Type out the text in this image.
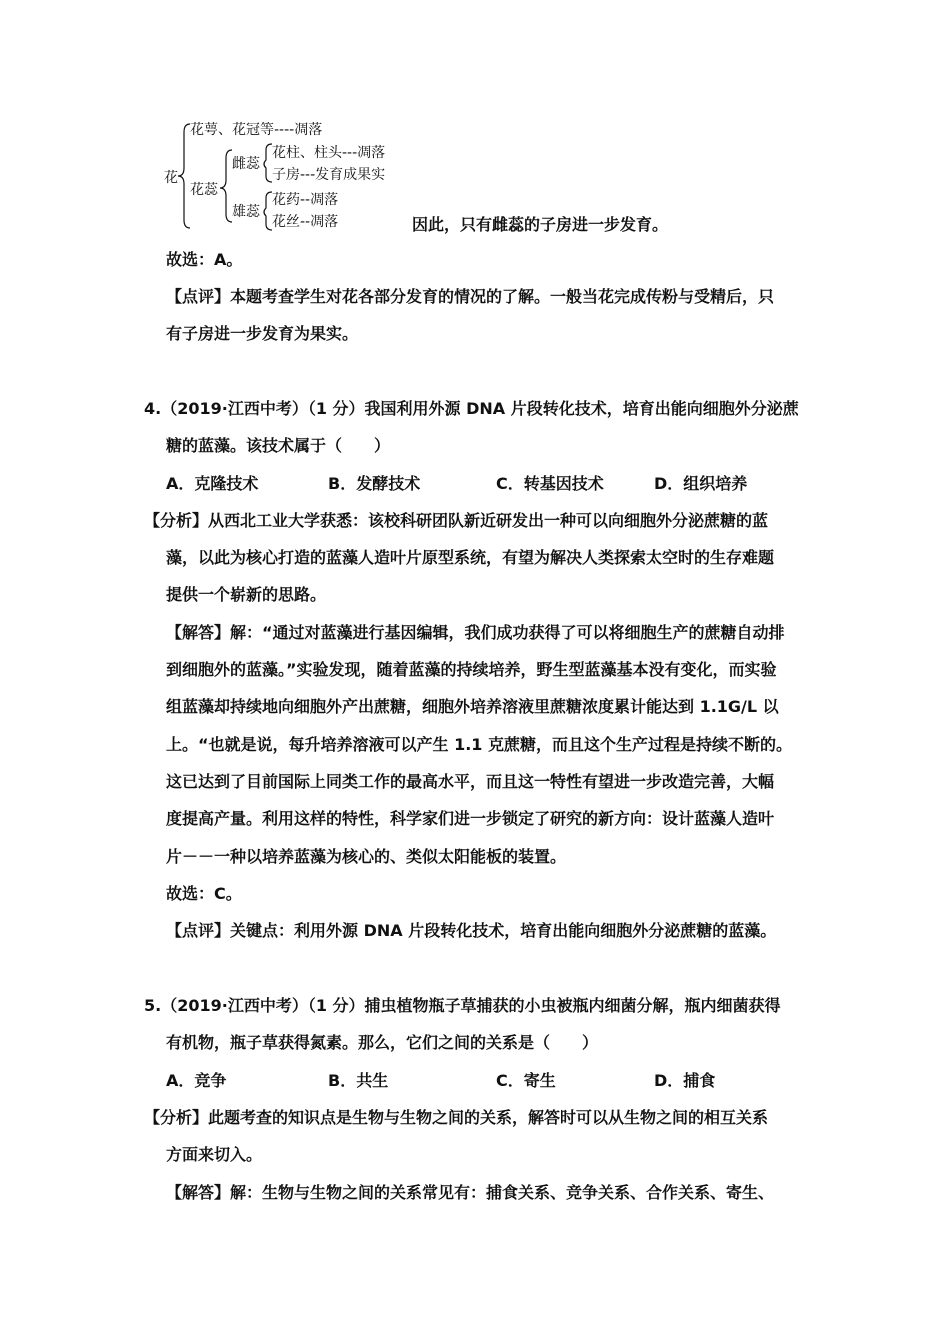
花
花萼、花冠等----凋落
花蕊
雌蕊
花柱、柱头---凋落
子房---发育成果实
雄蕊
花药--凋落
花丝--凋落	因此，只有雌蕊的子房进一步发育。
故选：A。
【点评】本题考查学生对花各部分发育的情况的了解。一般当花完成传粉与受精后，只
有子房进一步发育为果实。
4.（2019·江西中考）（1 分）我国利用外源 DNA 片段转化技术，培育出能向细胞外分泌蔗
糖的蓝藻。该技术属于（　　）
A．克隆技术	B．发酵技术	C．转基因技术	D．组织培养
【分析】从西北工业大学获悉：该校科研团队新近研发出一种可以向细胞外分泌蔗糖的蓝
藻，以此为核心打造的蓝藻人造叶片原型系统，有望为解决人类探索太空时的生存难题
提供一个崭新的思路。
【解答】解：“通过对蓝藻进行基因编辑，我们成功获得了可以将细胞生产的蔗糖自动排
到细胞外的蓝藻。”实验发现，随着蓝藻的持续培养，野生型蓝藻基本没有变化，而实验
组蓝藻却持续地向细胞外产出蔗糖，细胞外培养溶液里蔗糖浓度累计能达到 1.1G/L 以
上。“也就是说，每升培养溶液可以产生 1.1 克蔗糖，而且这个生产过程是持续不断的。
这已达到了目前国际上同类工作的最高水平，而且这一特性有望进一步改造完善，大幅
度提高产量。利用这样的特性，科学家们进一步锁定了研究的新方向：设计蓝藻人造叶
片－－一种以培养蓝藻为核心的、类似太阳能板的装置。
故选：C。
【点评】关键点：利用外源 DNA 片段转化技术，培育出能向细胞外分泌蔗糖的蓝藻。
5.（2019·江西中考）（1 分）捕虫植物瓶子草捕获的小虫被瓶内细菌分解，瓶内细菌获得
有机物，瓶子草获得氮素。那么，它们之间的关系是（　　）
A．竞争	B．共生	C．寄生	D．捕食
【分析】此题考查的知识点是生物与生物之间的关系，解答时可以从生物之间的相互关系
方面来切入。
【解答】解：生物与生物之间的关系常见有：捕食关系、竞争关系、合作关系、寄生、
